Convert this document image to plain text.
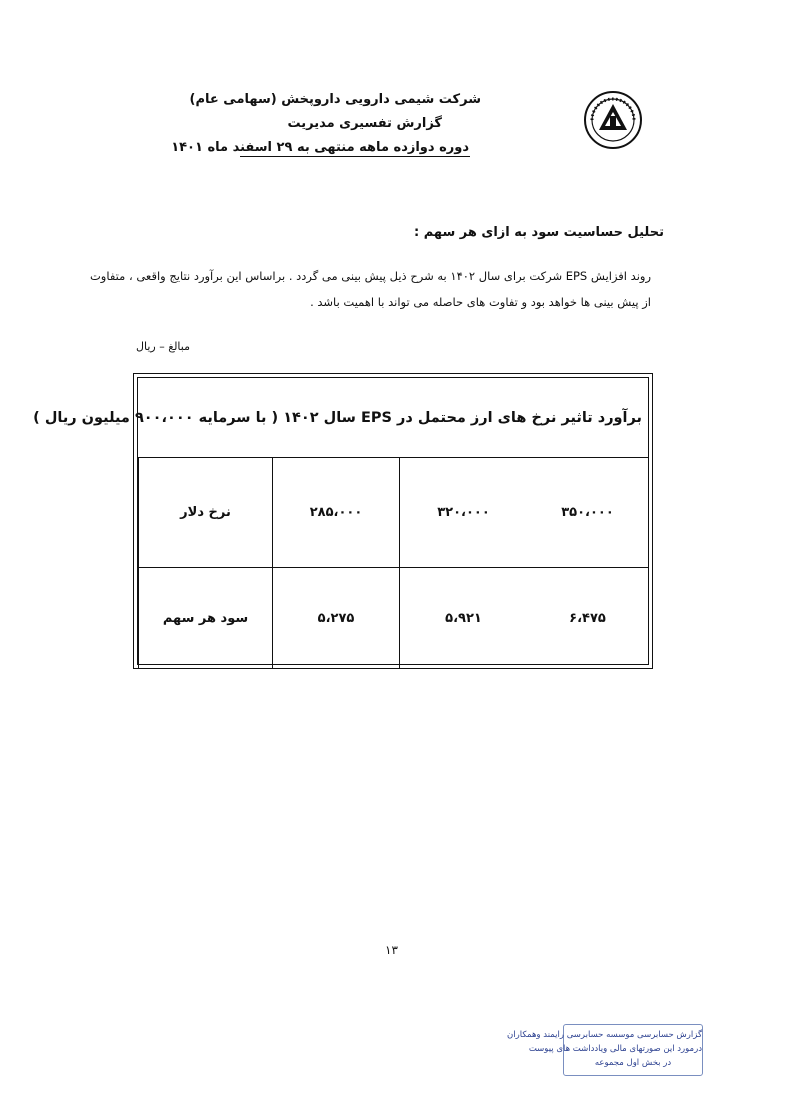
شرکت شیمی دارویی داروپخش (سهامی عام)
گزارش تفسیری مدیریت
دوره دوازده ماهه منتهی به ۲۹ اسفند ماه ۱۴۰۱
تحلیل حساسیت سود به ازای هر سهم :
روند افزایش EPS شرکت برای سال ۱۴۰۲ به شرح ذیل پیش بینی می گردد . براساس این برآورد نتایج واقعی ، متفاوت
از پیش بینی ها خواهد بود و تفاوت های حاصله می تواند با اهمیت باشد .
مبالغ – ریال
برآورد تاثیر نرخ های ارز محتمل در EPS سال ۱۴۰۲ ( با سرمایه ۹۰۰،۰۰۰ میلیون ریال )
نرخ دلار	۲۸۵،۰۰۰	۳۲۰،۰۰۰	۳۵۰،۰۰۰
سود هر سهم	۵،۲۷۵	۵،۹۲۱	۶،۴۷۵
۱۳
گزارش حسابرسی موسسه حسابرسی رایمند وهمکاران
درمورد این صورتهای مالی ویادداشت های پیوست
در بخش اول مجموعه
